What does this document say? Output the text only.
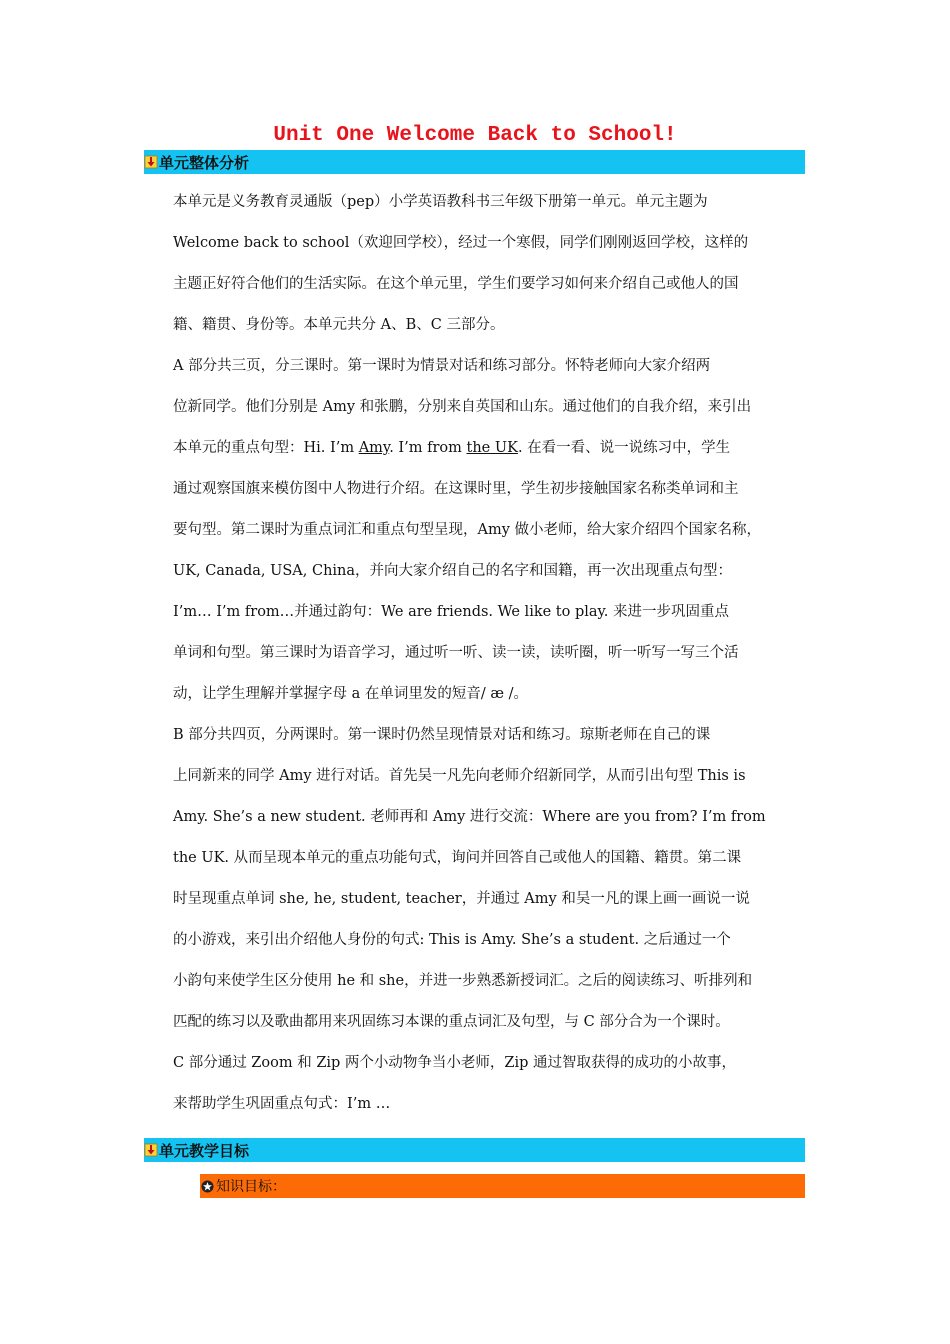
Unit One Welcome Back to School!
单元整体分析

本单元是义务教育灵通版（pep）小学英语教科书三年级下册第一单元。单元主题为
Welcome back to school（欢迎回学校），经过一个寒假，同学们刚刚返回学校，这样的
主题正好符合他们的生活实际。在这个单元里，学生们要学习如何来介绍自己或他人的国
籍、籍贯、身份等。本单元共分 A、B、C 三部分。

A 部分共三页，分三课时。第一课时为情景对话和练习部分。怀特老师向大家介绍两
位新同学。他们分别是 Amy 和张鹏，分别来自英国和山东。通过他们的自我介绍，来引出
本单元的重点句型：Hi. I’m Amy. I’m from the UK. 在看一看、说一说练习中，学生
通过观察国旗来模仿图中人物进行介绍。在这课时里，学生初步接触国家名称类单词和主
要句型。第二课时为重点词汇和重点句型呈现，Amy 做小老师，给大家介绍四个国家名称，
UK, Canada, USA, China，并向大家介绍自己的名字和国籍，再一次出现重点句型：
I’m… I’m from…并通过韵句：We are friends. We like to play. 来进一步巩固重点
单词和句型。第三课时为语音学习，通过听一听、读一读，读听圈，听一听写一写三个活
动，让学生理解并掌握字母 a 在单词里发的短音/ æ /。

B 部分共四页，分两课时。第一课时仍然呈现情景对话和练习。琼斯老师在自己的课
上同新来的同学 Amy 进行对话。首先吴一凡先向老师介绍新同学，从而引出句型 This is
Amy. She’s a new student. 老师再和 Amy 进行交流：Where are you from? I’m from
the UK. 从而呈现本单元的重点功能句式，询问并回答自己或他人的国籍、籍贯。第二课
时呈现重点单词 she, he, student, teacher，并通过 Amy 和吴一凡的课上画一画说一说
的小游戏，来引出介绍他人身份的句式: This is Amy. She’s a student. 之后通过一个
小韵句来使学生区分使用 he 和 she，并进一步熟悉新授词汇。之后的阅读练习、听排列和
匹配的练习以及歌曲都用来巩固练习本课的重点词汇及句型，与 C 部分合为一个课时。

C 部分通过 Zoom 和 Zip 两个小动物争当小老师，Zip 通过智取获得的成功的小故事，
来帮助学生巩固重点句式：I’m …

单元教学目标
知识目标：
